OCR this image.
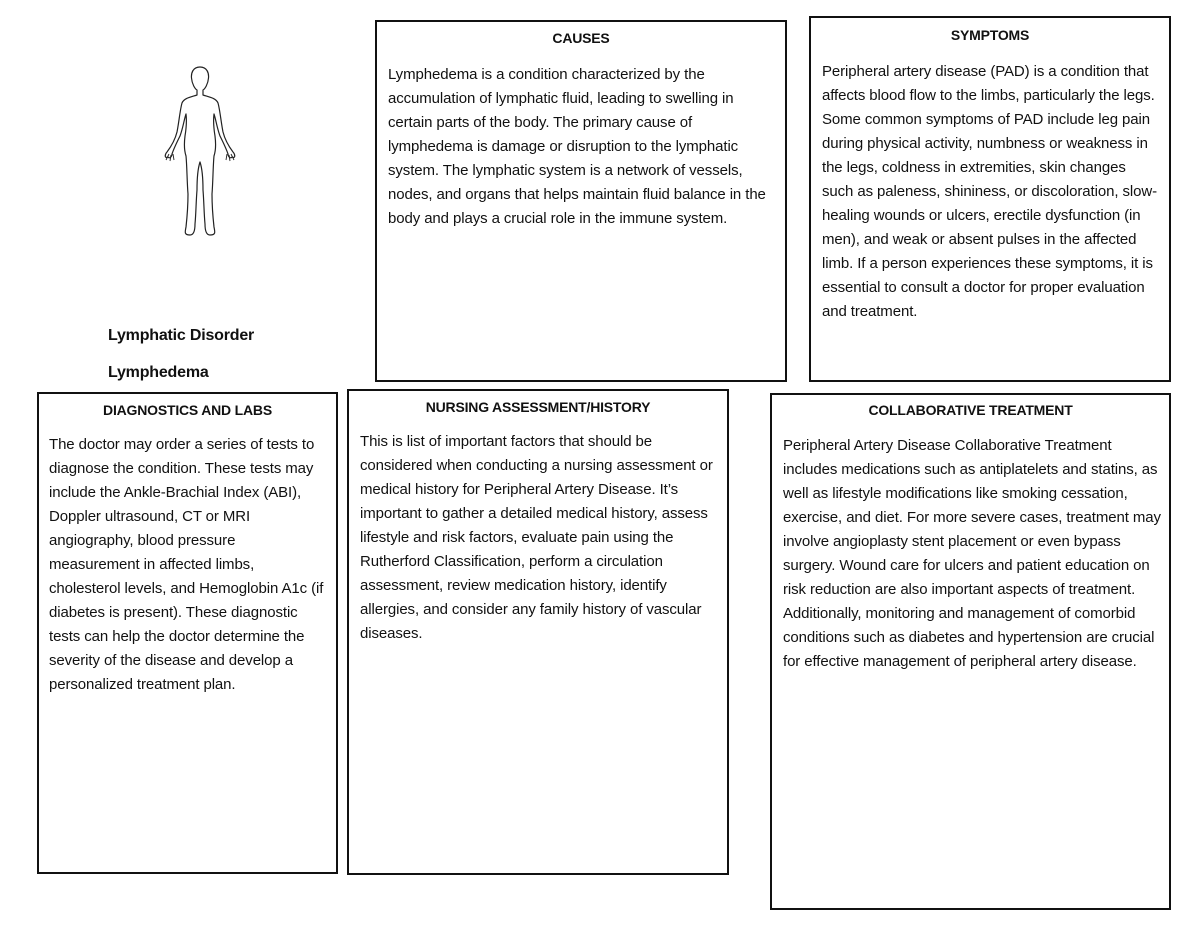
Lymphatic Disorder

Lymphedema

CAUSES

Lymphedema is a condition characterized by the accumulation of lymphatic fluid, leading to swelling in certain parts of the body. The primary cause of lymphedema is damage or disruption to the lymphatic system. The lymphatic system is a network of vessels, nodes, and organs that helps maintain fluid balance in the body and plays a crucial role in the immune system.

SYMPTOMS

Peripheral artery disease (PAD) is a condition that affects blood flow to the limbs, particularly the legs. Some common symptoms of PAD include leg pain during physical activity, numbness or weakness in the legs, coldness in extremities, skin changes such as paleness, shininess, or discoloration, slow-healing wounds or ulcers, erectile dysfunction (in men), and weak or absent pulses in the affected limb. If a person experiences these symptoms, it is essential to consult a doctor for proper evaluation and treatment.

DIAGNOSTICS AND LABS

The doctor may order a series of tests to diagnose the condition. These tests may include the Ankle-Brachial Index (ABI), Doppler ultrasound, CT or MRI angiography, blood pressure measurement in affected limbs, cholesterol levels, and Hemoglobin A1c (if diabetes is present). These diagnostic tests can help the doctor determine the severity of the disease and develop a personalized treatment plan.

NURSING ASSESSMENT/HISTORY

This is list of important factors that should be considered when conducting a nursing assessment or medical history for Peripheral Artery Disease. It’s important to gather a detailed medical history, assess lifestyle and risk factors, evaluate pain using the Rutherford Classification, perform a circulation assessment, review medication history, identify allergies, and consider any family history of vascular diseases.

COLLABORATIVE TREATMENT

Peripheral Artery Disease Collaborative Treatment includes medications such as antiplatelets and statins, as well as lifestyle modifications like smoking cessation, exercise, and diet. For more severe cases, treatment may involve angioplasty stent placement or even bypass surgery. Wound care for ulcers and patient education on risk reduction are also important aspects of treatment. Additionally, monitoring and management of comorbid conditions such as diabetes and hypertension are crucial for effective management of peripheral artery disease.
